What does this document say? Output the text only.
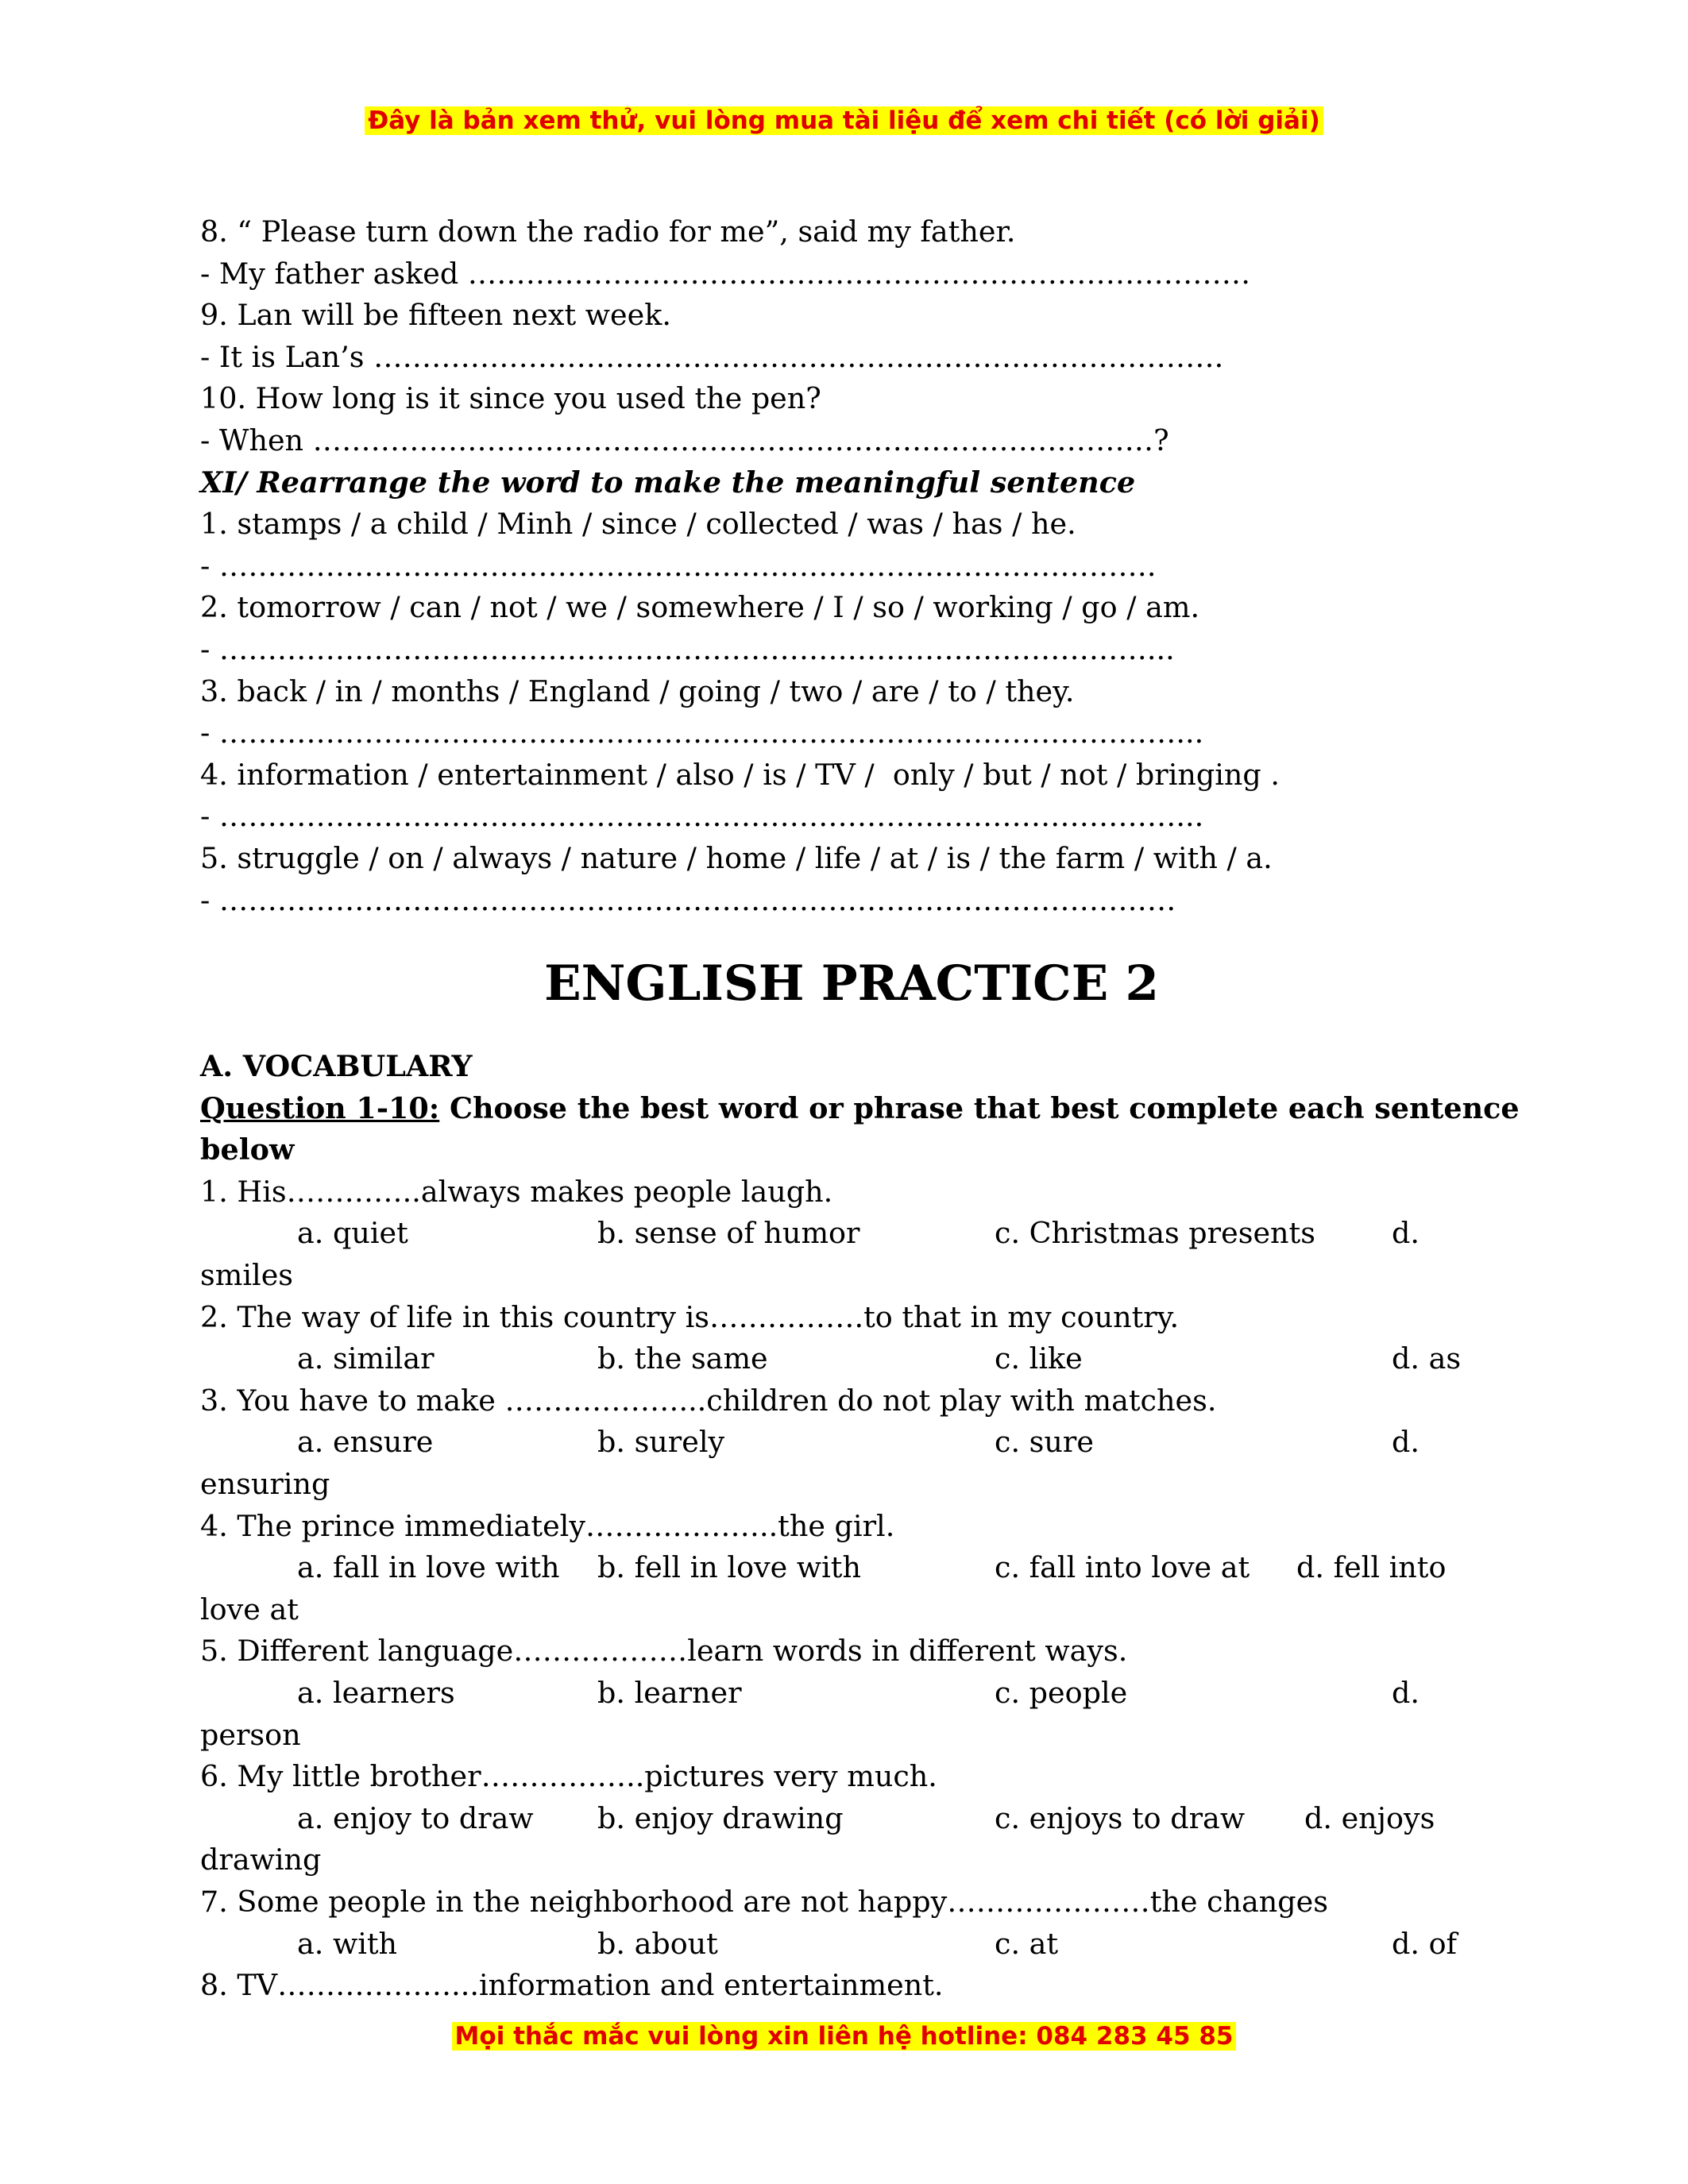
Đây là bản xem thử, vui lòng mua tài liệu để xem chi tiết (có lời giải)
8. “ Please turn down the radio for me”, said my father.
- My father asked ………………………………………………………………………
9. Lan will be fifteen next week.
- It is Lan’s …………………………………………………………………………….
10. How long is it since you used the pen?
- When ……………………………………………………………………………?
XI/ Rearrange the word to make the meaningful sentence
1. stamps / a child / Minh / since / collected / was / has / he.
- …………………………………………………………………………………….
2. tomorrow / can / not / we / somewhere / I / so / working / go / am.
- ……………………………………………………………………………………...
3. back / in / months / England / going / two / are / to / they.
- ………………………………………………………………………………………...
4. information / entertainment / also / is / TV /  only / but / not / bringing .
- ………………………………………………………………………………………...
5. struggle / on / always / nature / home / life / at / is / the farm / with / a.
- ………………………………………………………………………………………
ENGLISH PRACTICE 2
A. VOCABULARY
Question 1-10: Choose the best word or phrase that best complete each sentence
below
1. His…………..always makes people laugh.
a. quiet	b. sense of humor	c. Christmas presents	d.
smiles
2. The way of life in this country is…………….to that in my country.
a. similar	b. the same	c. like	d. as
3. You have to make ………………...children do not play with matches.
a. ensure	b. surely	c. sure	d.
ensuring
4. The prince immediately………………..the girl.
a. fall in love with b. fell in love with	c. fall into love at d. fell into
love at
5. Different language………………learn words in different ways.
a. learners	b. learner	c. people	d.
person
6. My little brother……………..pictures very much.
a. enjoy to draw b. enjoy drawing	c. enjoys to draw d. enjoys
drawing
7. Some people in the neighborhood are not happy…………………the changes
a. with	b. about	c. at	d. of
8. TV………………...information and entertainment.
Mọi thắc mắc vui lòng xin liên hệ hotline: 084 283 45 85
